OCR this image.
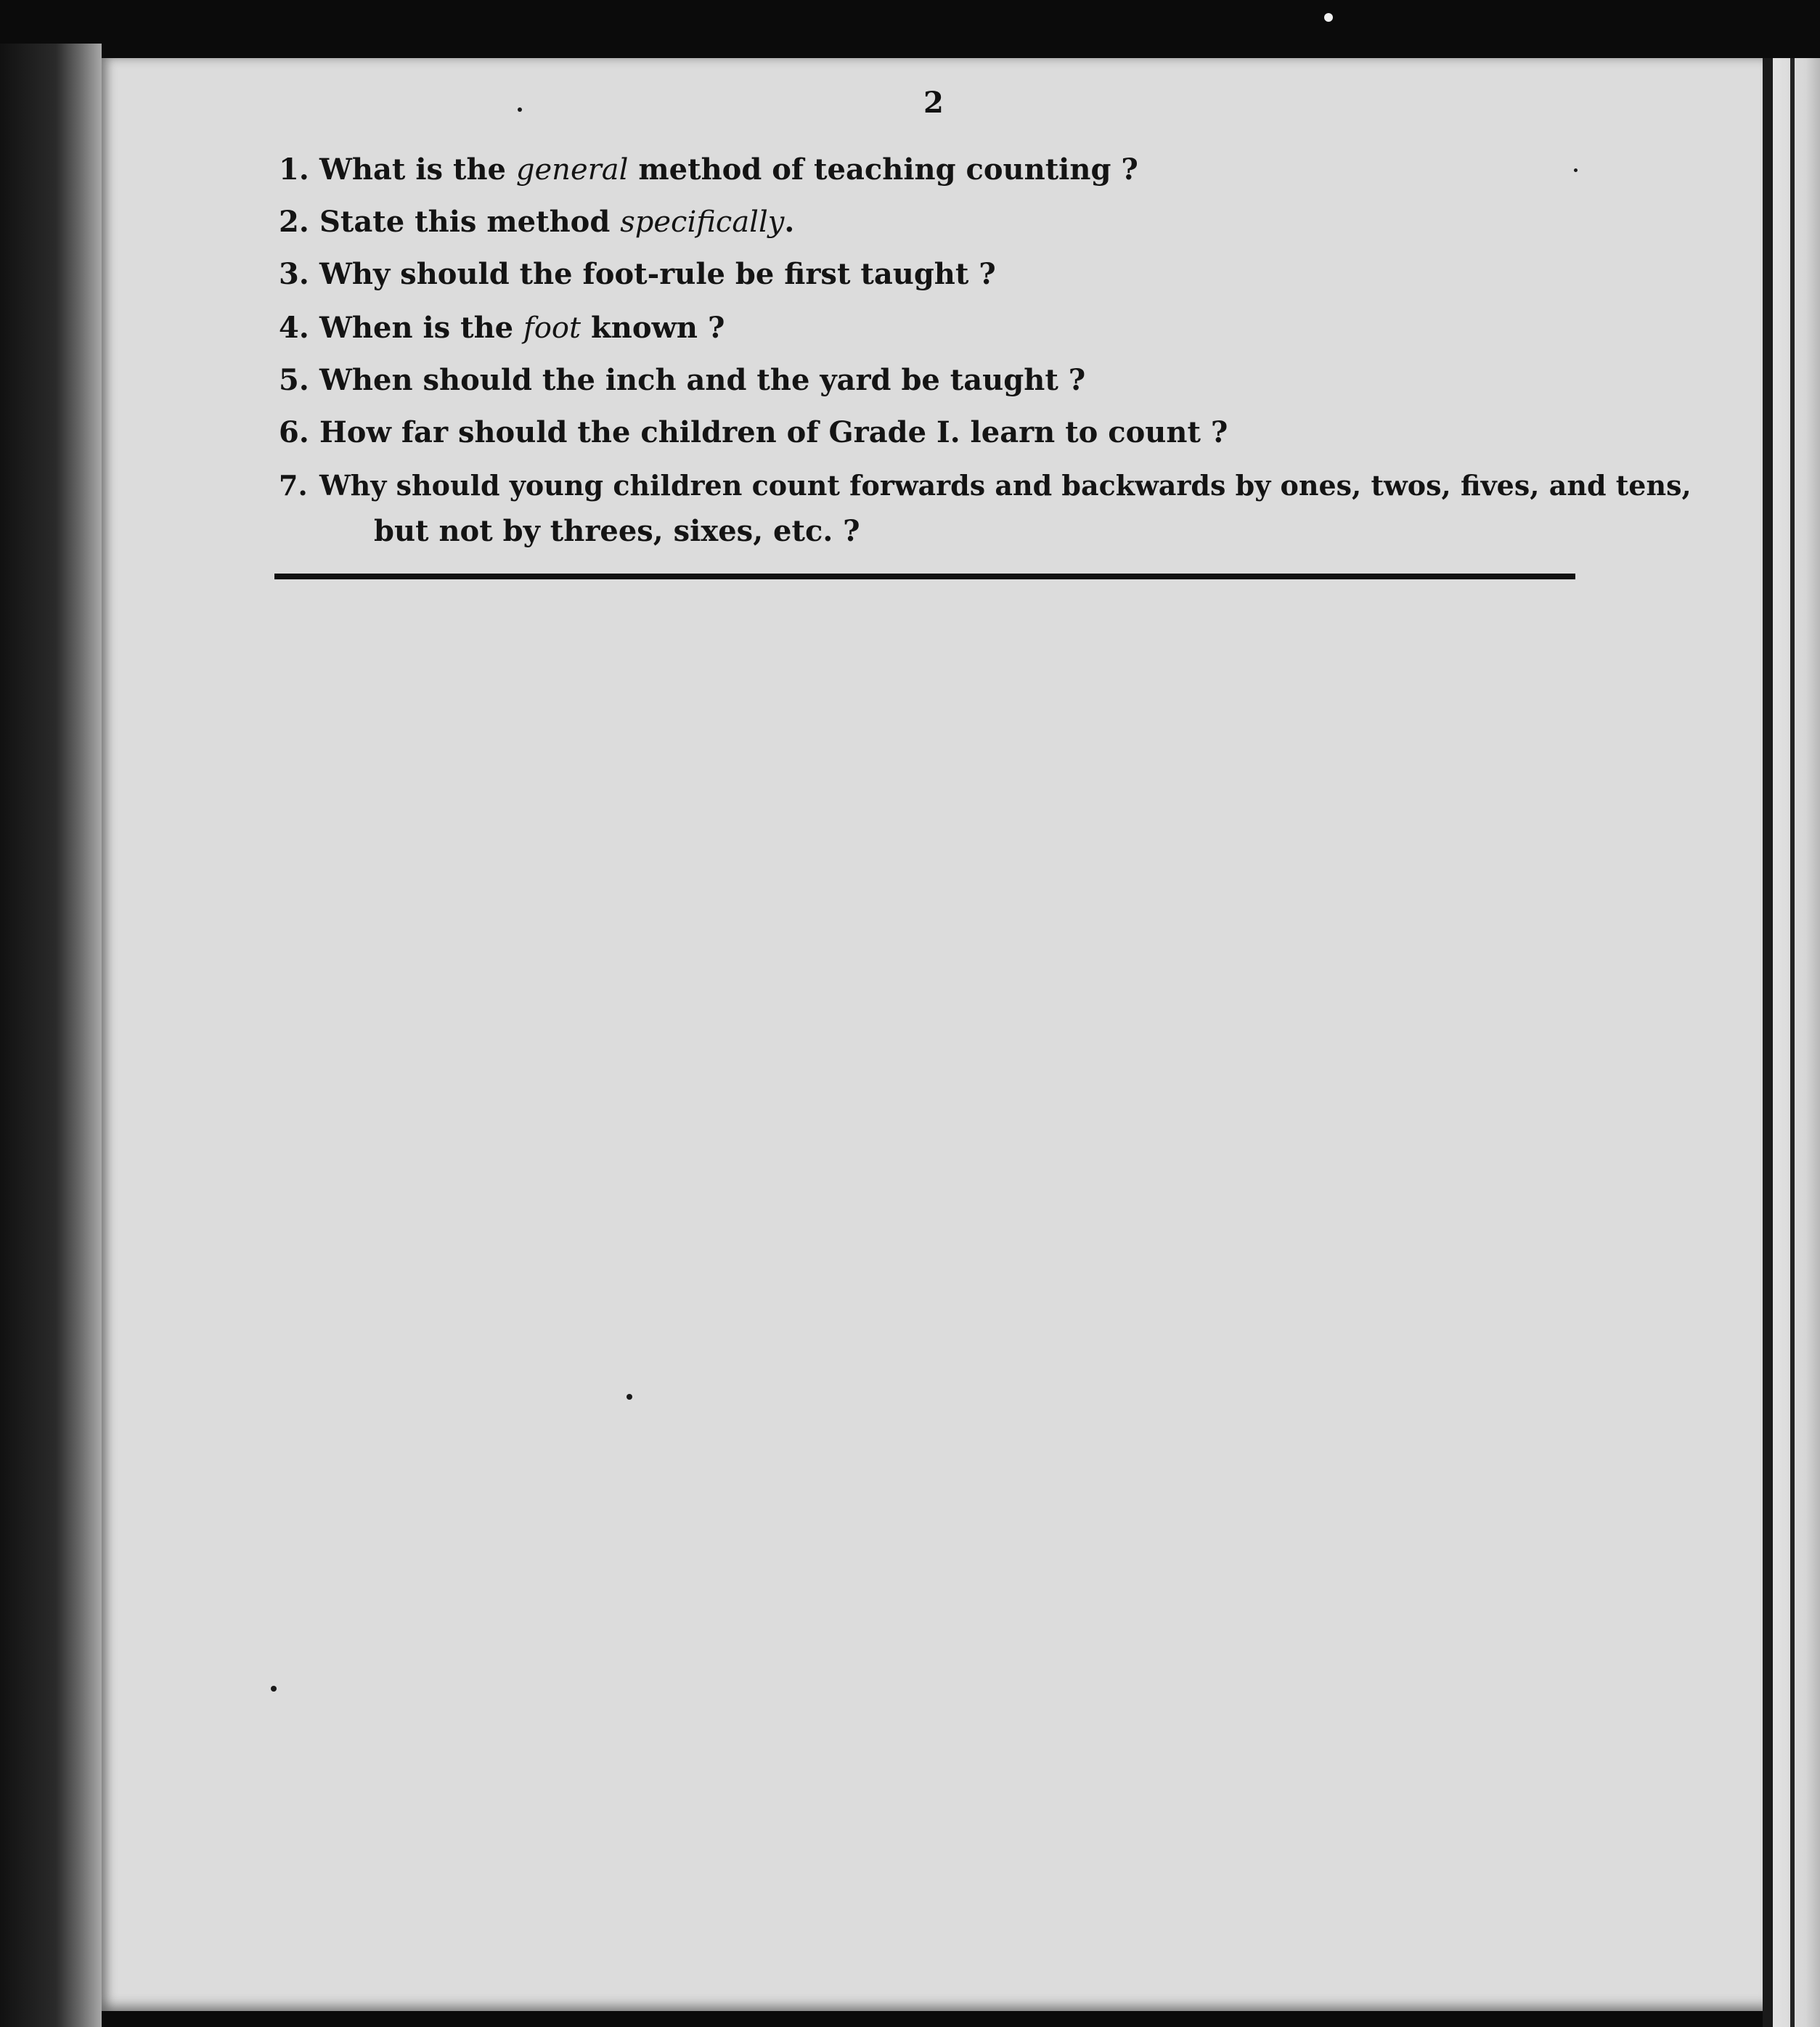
2
1. What is the general method of teaching counting ?
2. State this method specifically.
3. Why should the foot-rule be first taught ?
4. When is the foot known ?
5. When should the inch and the yard be taught ?
6. How far should the children of Grade I. learn to count ?
7. Why should young children count forwards and backwards by ones, twos, fives, and tens,
but not by threes, sixes, etc. ?
